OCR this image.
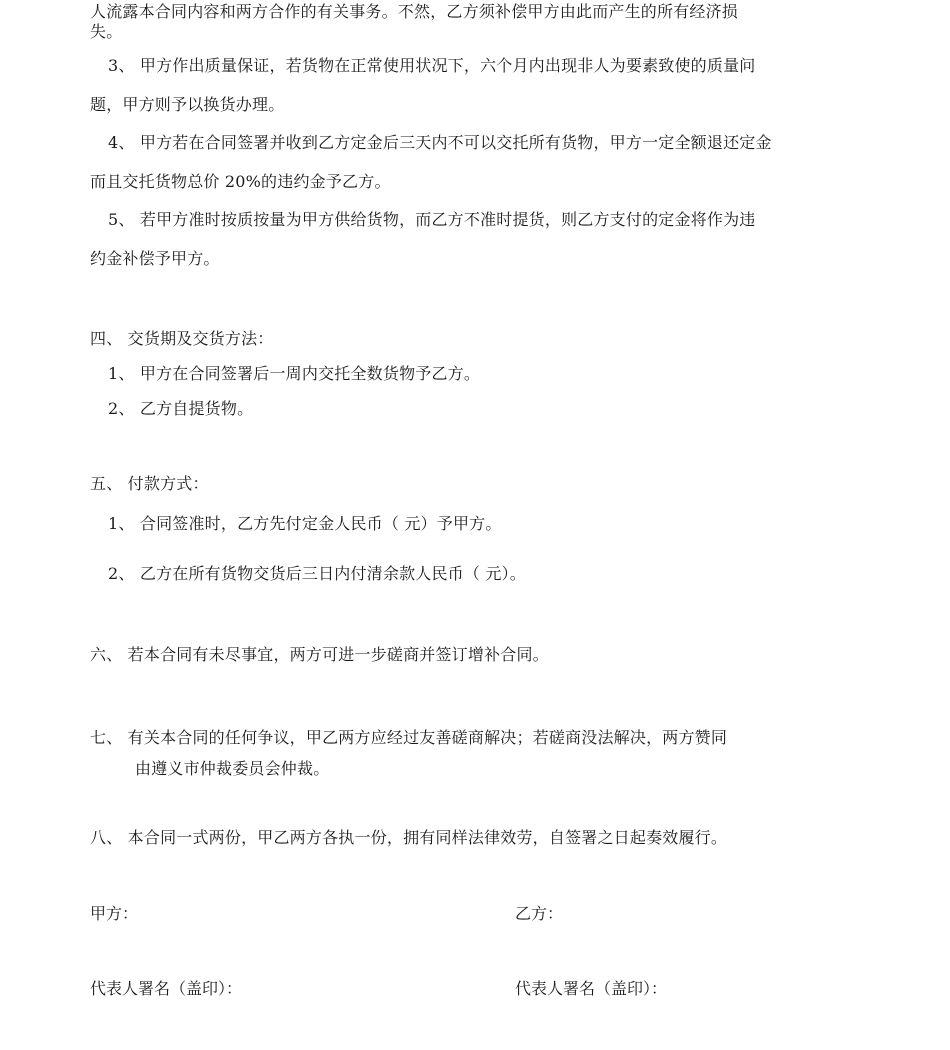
人流露本合同内容和两方合作的有关事务。不然，乙方须补偿甲方由此而产生的所有经济损
失。
3、 甲方作出质量保证，若货物在正常使用状况下，六个月内出现非人为要素致使的质量问
题，甲方则予以换货办理。
4、 甲方若在合同签署并收到乙方定金后三天内不可以交托所有货物，甲方一定全额退还定金
而且交托货物总价 20%的违约金予乙方。
5、 若甲方准时按质按量为甲方供给货物，而乙方不准时提货，则乙方支付的定金将作为违
约金补偿予甲方。
四、 交货期及交货方法：
1、 甲方在合同签署后一周内交托全数货物予乙方。
2、 乙方自提货物。
五、 付款方式：
1、 合同签准时，乙方先付定金人民币（ 元）予甲方。
2、 乙方在所有货物交货后三日内付清余款人民币（ 元）。
六、 若本合同有未尽事宜，两方可进一步磋商并签订增补合同。
七、 有关本合同的任何争议，甲乙两方应经过友善磋商解决；若磋商没法解决，两方赞同
由遵义市仲裁委员会仲裁。
八、 本合同一式两份，甲乙两方各执一份，拥有同样法律效劳，自签署之日起奏效履行。
甲方：	乙方：
代表人署名（盖印）：	代表人署名（盖印）：
